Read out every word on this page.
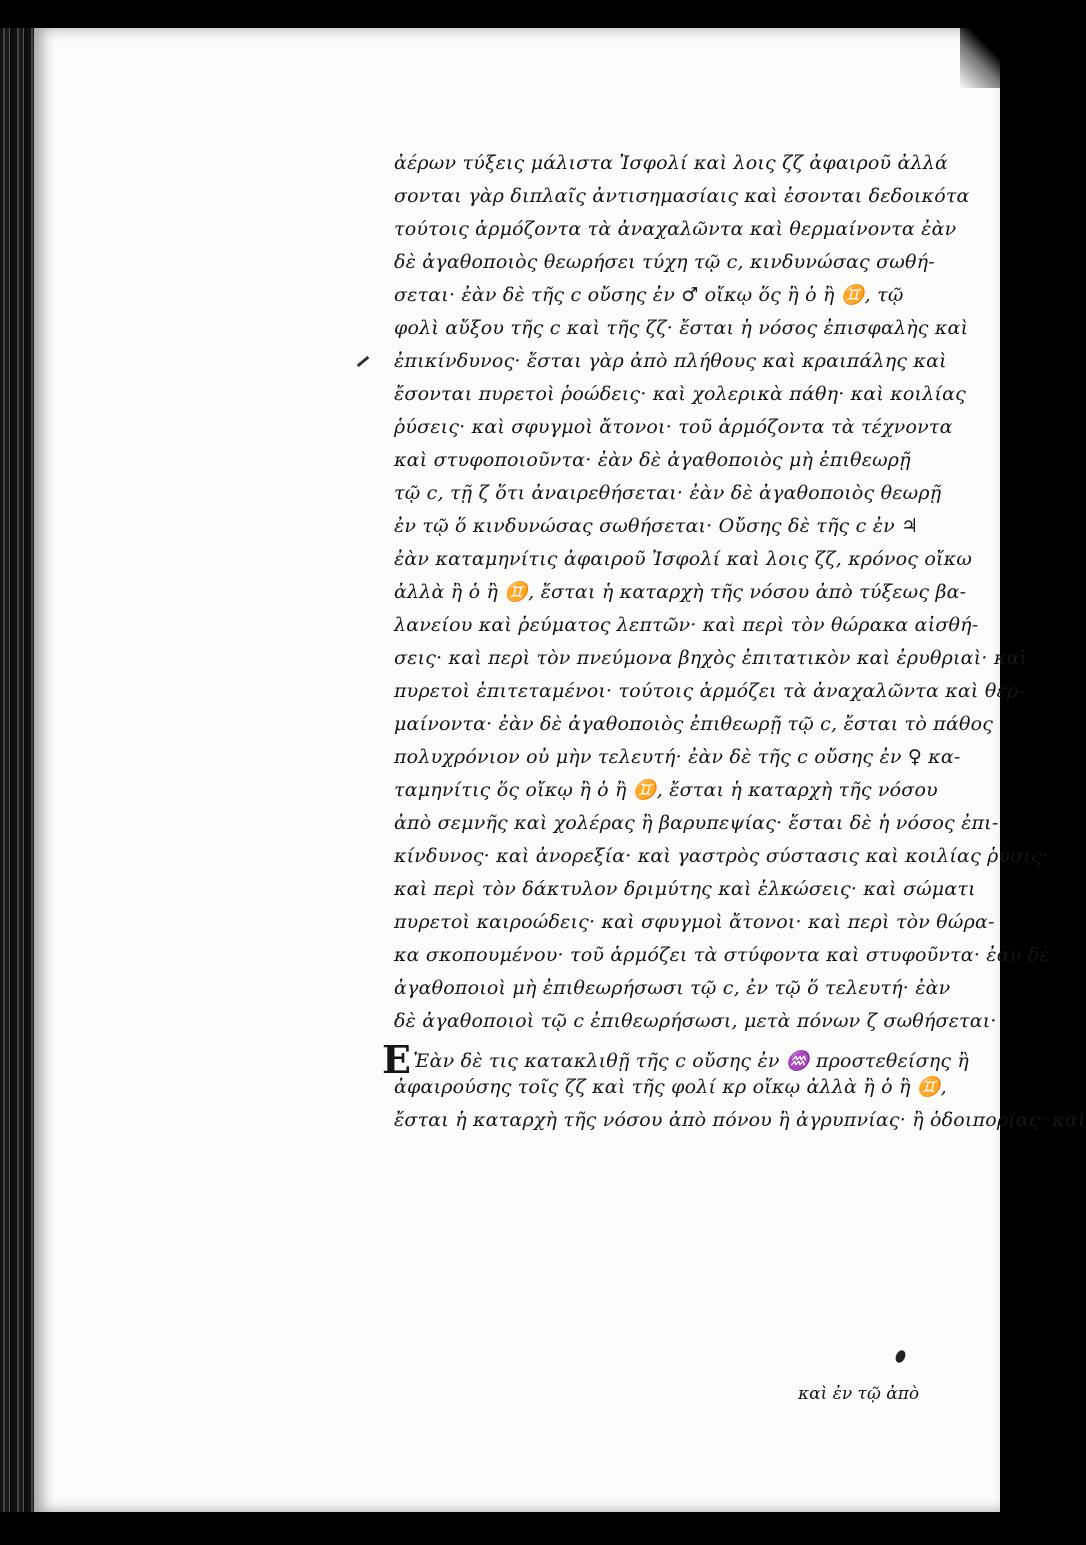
ἀέρων τύξεις μάλιστα Ἰσφολί καὶ λοις ζζ ἀφαιροῦ ἀλλά
σονται γὰρ διπλαῖς ἀντισημασίαις καὶ ἐσονται δεδοικότα
τούτοις ἁρμόζοντα τὰ ἀναχαλῶντα καὶ θερμαίνοντα ἐὰν
δὲ ἀγαθοποιὸς θεωρήσει τύχη τῷ ϲ, κινδυνώσας σωθή-
σεται· ἐὰν δὲ τῆς ϲ οὔσης ἐν ♂ οἴκῳ ὅς ἢ ὁ ἢ ♊, τῷ
φολὶ αὔξου τῆς ϲ καὶ τῆς ζζ· ἔσται ἡ νόσος ἐπισφαλὴς καὶ
ἐπικίνδυνος· ἔσται γὰρ ἀπὸ πλήθους καὶ κραιπάλης καὶ
ἔσονται πυρετοὶ ῥοώδεις· καὶ χολερικὰ πάθη· καὶ κοιλίας
ῥύσεις· καὶ σφυγμοὶ ἄτονοι· τοῦ ἁρμόζοντα τὰ τέχνοντα
καὶ στυφοποιοῦντα· ἐὰν δὲ ἀγαθοποιὸς μὴ ἐπιθεωρῇ
τῷ ϲ, τῇ ζ ὅτι ἀναιρεθήσεται· ἐὰν δὲ ἀγαθοποιὸς θεωρῇ
ἐν τῷ ὅ κινδυνώσας σωθήσεται· Οὔσης δὲ τῆς ϲ ἐν ♃
ἐὰν καταμηνίτις ἀφαιροῦ Ἰσφολί καὶ λοις ζζ, κρόνος οἴκω
ἀλλὰ ἢ ὁ ἢ ♊, ἔσται ἡ καταρχὴ τῆς νόσου ἀπὸ τύξεως βα-
λανείου καὶ ῥεύματος λεπτῶν· καὶ περὶ τὸν θώρακα αἰσθή-
σεις· καὶ περὶ τὸν πνεύμονα βηχὸς ἐπιτατικὸν καὶ ἐρυθριαὶ· καὶ
πυρετοὶ ἐπιτεταμένοι· τούτοις ἁρμόζει τὰ ἀναχαλῶντα καὶ θερ-
μαίνοντα· ἐὰν δὲ ἀγαθοποιὸς ἐπιθεωρῇ τῷ ϲ, ἔσται τὸ πάθος
πολυχρόνιον οὐ μὴν τελευτή· ἐὰν δὲ τῆς ϲ οὔσης ἐν ♀ κα-
ταμηνίτις ὅς οἴκῳ ἢ ὁ ἢ ♊, ἔσται ἡ καταρχὴ τῆς νόσου
ἀπὸ σεμνῆς καὶ χολέρας ἢ βαρυπεψίας· ἔσται δὲ ἡ νόσος ἐπι-
κίνδυνος· καὶ ἀνορεξία· καὶ γαστρὸς σύστασις καὶ κοιλίας ῥύσις·
καὶ περὶ τὸν δάκτυλον δριμύτης καὶ ἑλκώσεις· καὶ σώματι
πυρετοὶ καιροώδεις· καὶ σφυγμοὶ ἄτονοι· καὶ περὶ τὸν θώρα-
κα σκοπουμένου· τοῦ ἁρμόζει τὰ στύφοντα καὶ στυφοῦντα· ἐὰν δὲ
ἀγαθοποιοὶ μὴ ἐπιθεωρήσωσι τῷ ϲ, ἐν τῷ ὅ τελευτή· ἐὰν
δὲ ἀγαθοποιοὶ τῷ ϲ ἐπιθεωρήσωσι, μετὰ πόνων ζ σωθήσεται·
Ε Ἐὰν δὲ τις κατακλιθῇ τῆς ϲ οὔσης ἐν ♒ προστεθείσης ἢ
ἀφαιρούσης τοῖς ζζ καὶ τῆς φολί κρ οἴκῳ ἀλλὰ ἢ ὁ ἢ ♊,
ἔσται ἡ καταρχὴ τῆς νόσου ἀπὸ πόνου ἢ ἀγρυπνίας· ἢ ὁδοιπορίας· καὶ
καὶ ἐν τῷ ἀπὸ
